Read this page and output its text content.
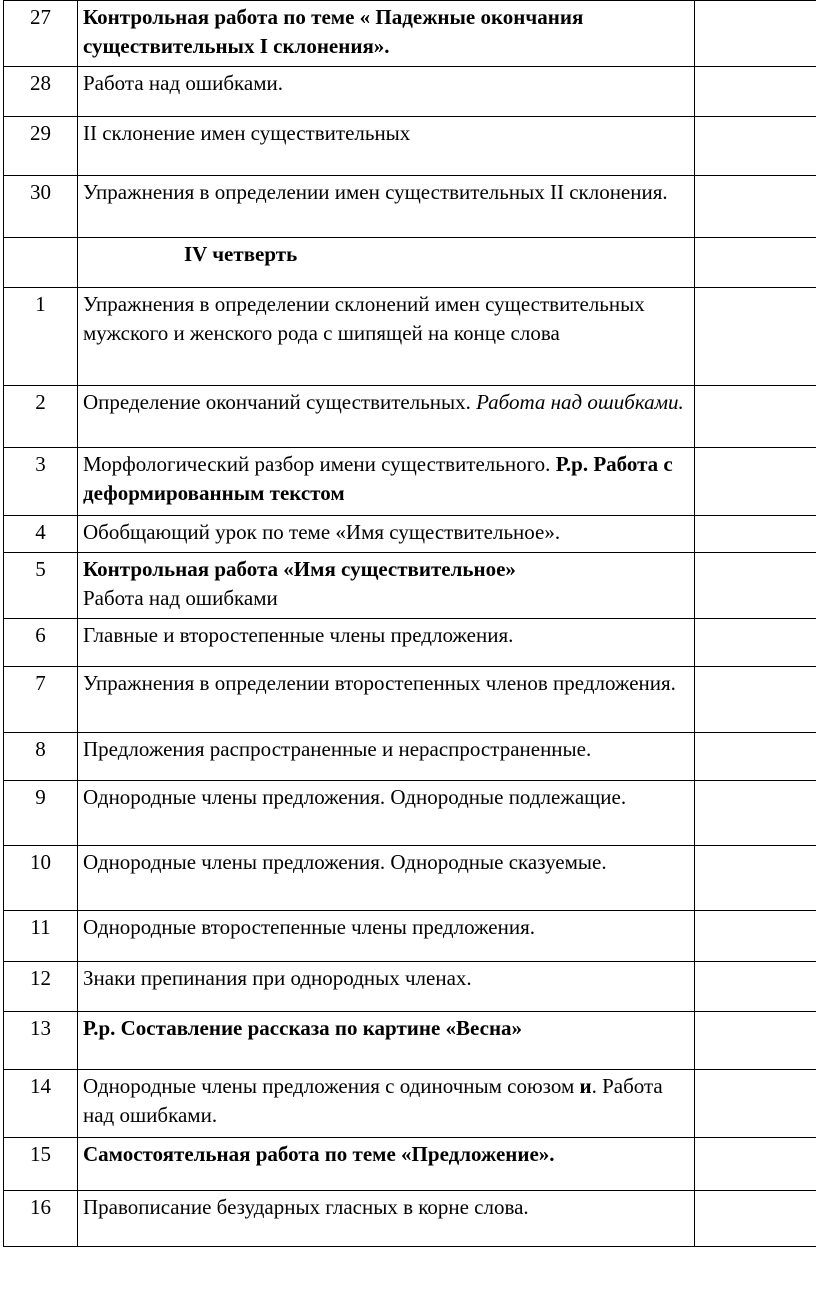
27	Контрольная работа по теме « Падежные окончания существительных I склонения».	
28	Работа над ошибками.	
29	II склонение имен существительных	
30	Упражнения в определении имен существительных II склонения.	
	IV четверть	
1	Упражнения в определении склонений имен существительных мужского и женского рода с шипящей на конце слова	
2	Определение окончаний существительных. Работа над ошибками.	
3	Морфологический разбор имени существительного. Р.р. Работа с деформированным текстом	
4	Обобщающий урок по теме «Имя существительное».	
5	Контрольная работа «Имя существительное»
Работа над ошибками	
6	Главные и второстепенные члены предложения.	
7	Упражнения в определении второстепенных членов предложения.	
8	Предложения распространенные и нераспространенные.	
9	Однородные члены предложения. Однородные подлежащие.	
10	Однородные члены предложения. Однородные сказуемые.	
11	Однородные второстепенные члены предложения.	
12	Знаки препинания при однородных членах.	
13	Р.р. Составление рассказа по картине «Весна»	
14	Однородные члены предложения с одиночным союзом и. Работа над ошибками.	
15	Самостоятельная работа по теме «Предложение».	
16	Правописание безударных гласных в корне слова.	
